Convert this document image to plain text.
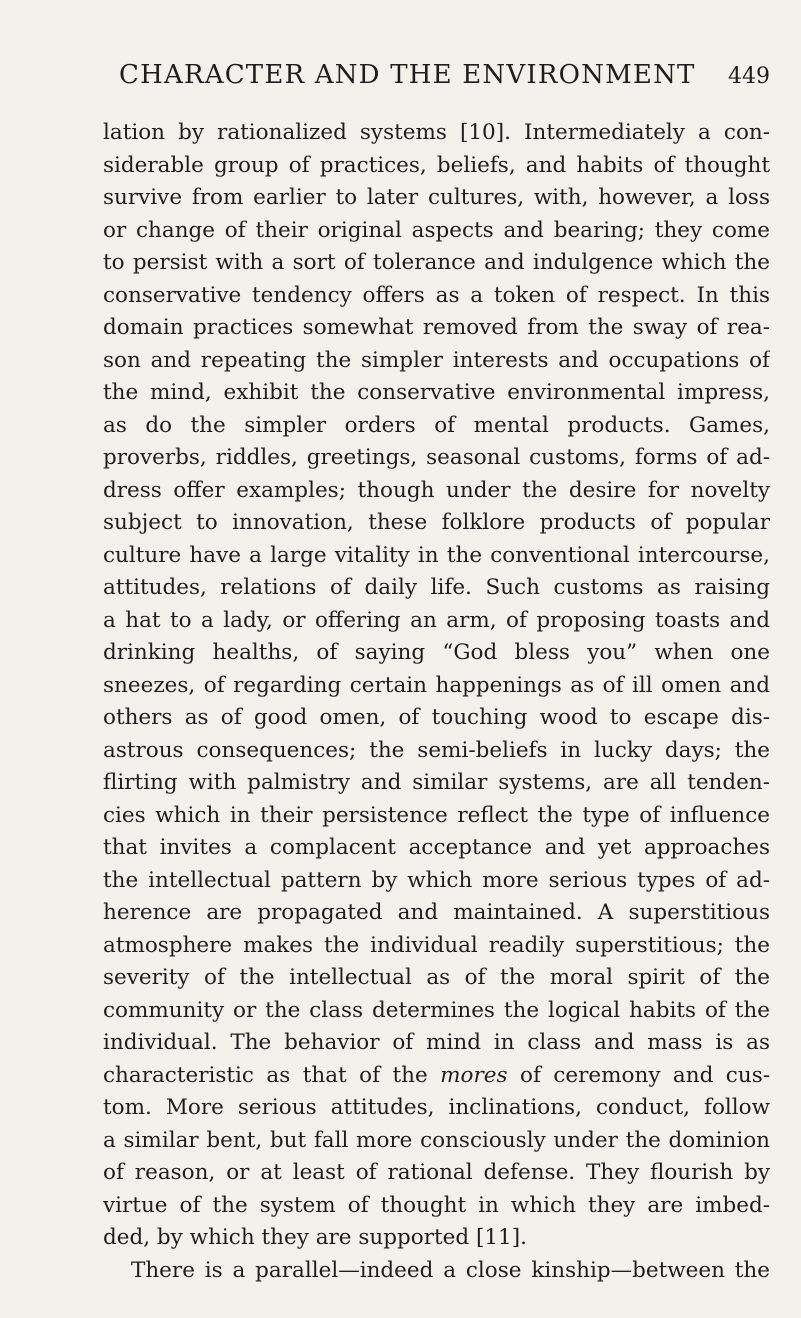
CHARACTER AND THE ENVIRONMENT 449
lation by rationalized systems [10]. Intermediately a con-
siderable group of practices, beliefs, and habits of thought
survive from earlier to later cultures, with, however, a loss
or change of their original aspects and bearing; they come
to persist with a sort of tolerance and indulgence which the
conservative tendency offers as a token of respect. In this
domain practices somewhat removed from the sway of rea-
son and repeating the simpler interests and occupations of
the mind, exhibit the conservative environmental impress,
as do the simpler orders of mental products. Games,
proverbs, riddles, greetings, seasonal customs, forms of ad-
dress offer examples; though under the desire for novelty
subject to innovation, these folklore products of popular
culture have a large vitality in the conventional intercourse,
attitudes, relations of daily life. Such customs as raising
a hat to a lady, or offering an arm, of proposing toasts and
drinking healths, of saying “God bless you” when one
sneezes, of regarding certain happenings as of ill omen and
others as of good omen, of touching wood to escape dis-
astrous consequences; the semi-beliefs in lucky days; the
flirting with palmistry and similar systems, are all tenden-
cies which in their persistence reflect the type of influence
that invites a complacent acceptance and yet approaches
the intellectual pattern by which more serious types of ad-
herence are propagated and maintained. A superstitious
atmosphere makes the individual readily superstitious; the
severity of the intellectual as of the moral spirit of the
community or the class determines the logical habits of the
individual. The behavior of mind in class and mass is as
characteristic as that of the mores of ceremony and cus-
tom. More serious attitudes, inclinations, conduct, follow
a similar bent, but fall more consciously under the dominion
of reason, or at least of rational defense. They flourish by
virtue of the system of thought in which they are imbed-
ded, by which they are supported [11].
There is a parallel—indeed a close kinship—between the
